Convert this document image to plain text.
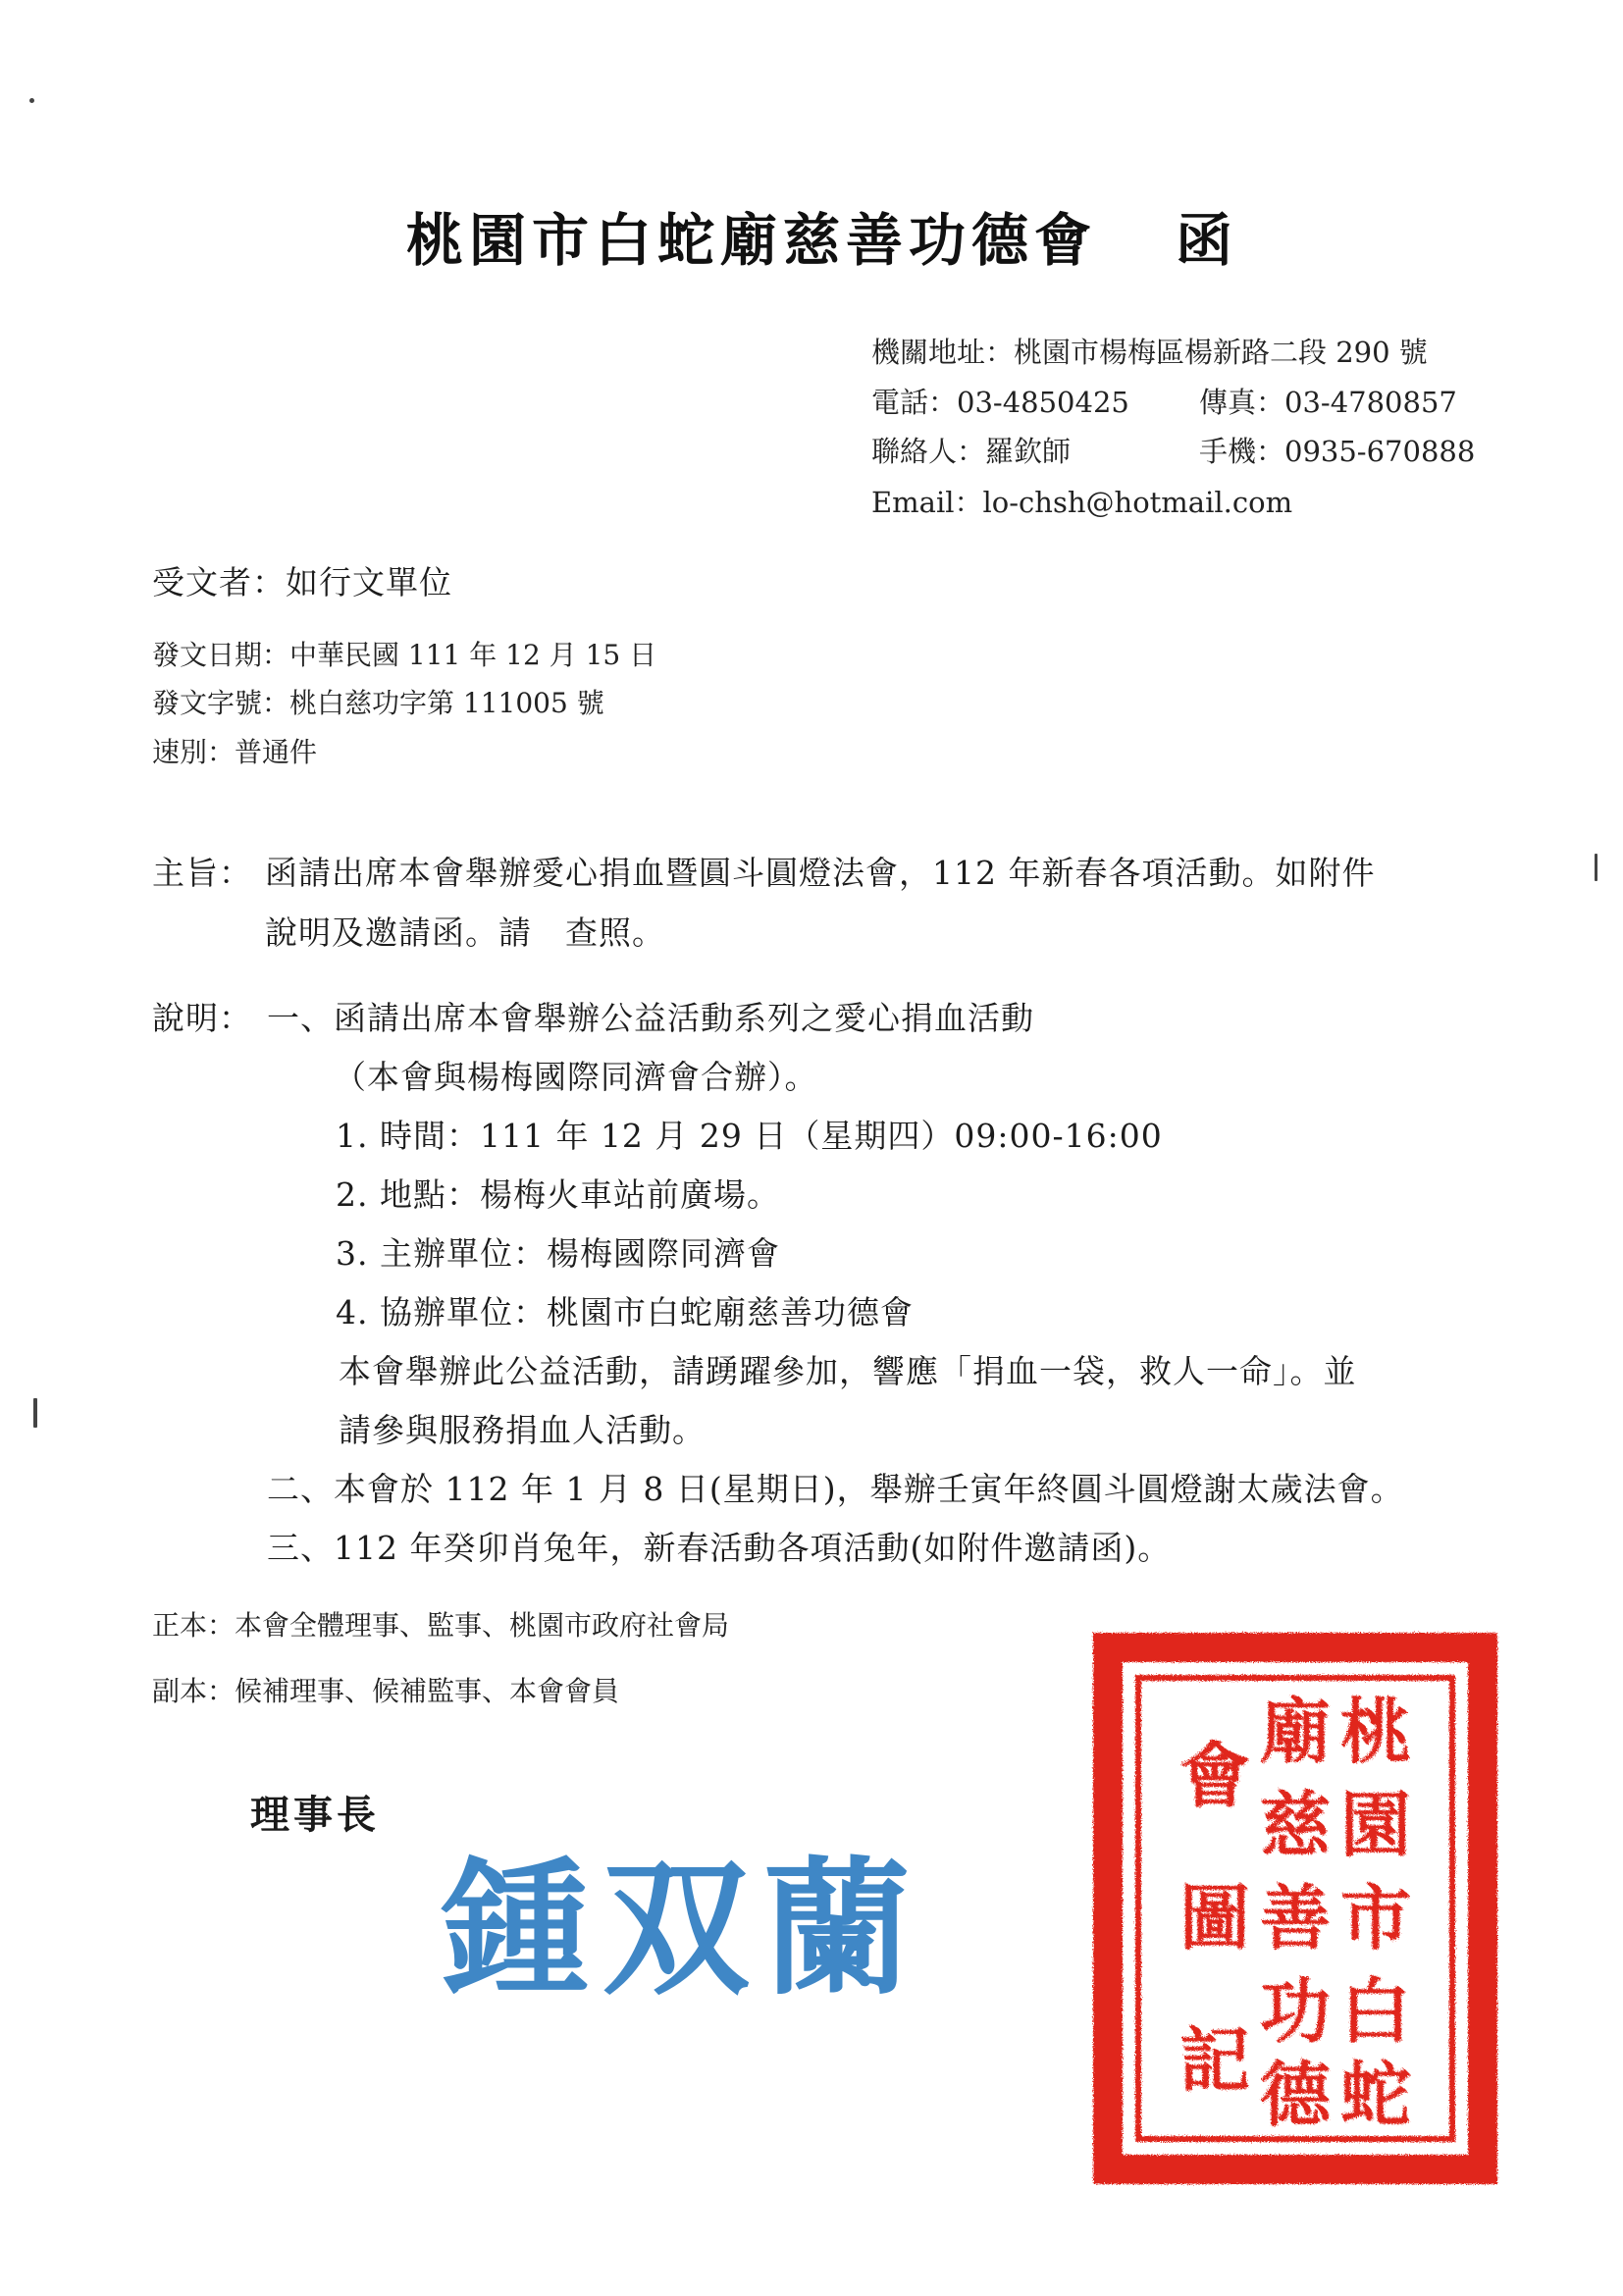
桃園市白蛇廟慈善功德會 函
機關地址：桃園市楊梅區楊新路二段 290 號
電話：03-4850425 傳真：03-4780857
聯絡人：羅欽師	手機：0935-670888
Email：lo-chsh@hotmail.com
受文者：如行文單位
發文日期：中華民國 111 年 12 月 15 日
發文字號：桃白慈功字第 111005 號
速別：普通件
主旨： 函請出席本會舉辦愛心捐血暨圓斗圓燈法會，112 年新春各項活動。如附件
說明及邀請函。請　查照。
說明： 一、函請出席本會舉辦公益活動系列之愛心捐血活動
（本會與楊梅國際同濟會合辦）。
1. 時間：111 年 12 月 29 日（星期四）09:00-16:00
2. 地點：楊梅火車站前廣場。
3. 主辦單位：楊梅國際同濟會
4. 協辦單位：桃園市白蛇廟慈善功德會
本會舉辦此公益活動，請踴躍參加，響應「捐血一袋，救人一命」。並
請參與服務捐血人活動。
二、本會於 112 年 1 月 8 日(星期日)，舉辦壬寅年終圓斗圓燈謝太歲法會。
三、112 年癸卯肖兔年，新春活動各項活動(如附件邀請函)。
正本：本會全體理事、監事、桃園市政府社會局
副本：候補理事、候補監事、本會會員
理事長
鍾双蘭
桃
園
市
白
蛇
廟
慈
善
功
德
會
圖
記
